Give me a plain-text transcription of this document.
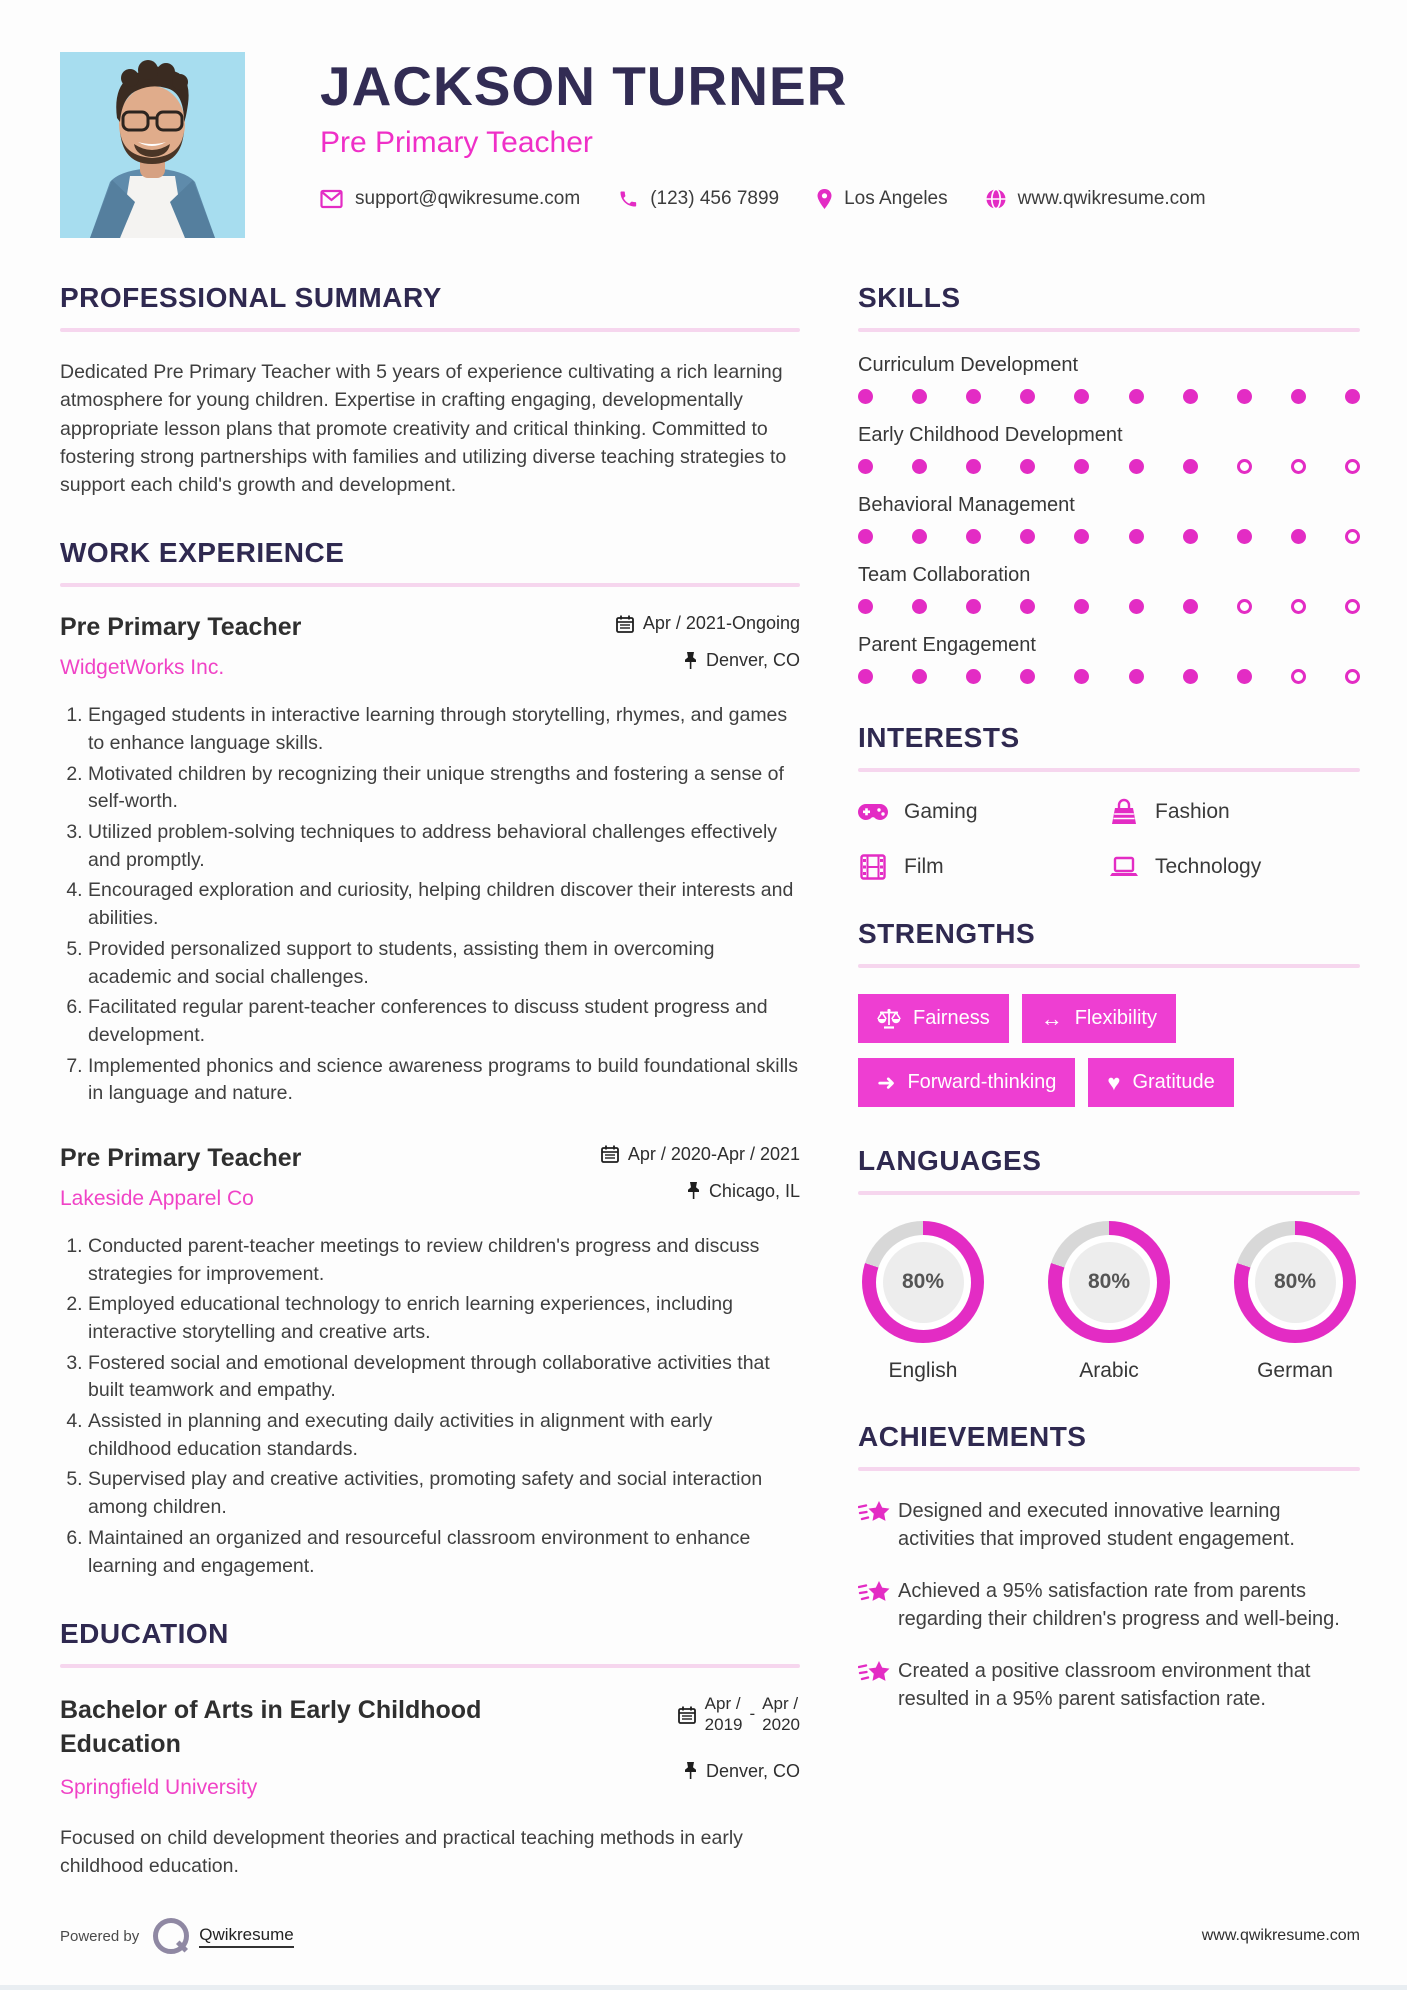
JACKSON TURNER
Pre Primary Teacher
support@qwikresume.com	(123) 456 7899	Los Angeles	www.qwikresume.com
PROFESSIONAL SUMMARY
Dedicated Pre Primary Teacher with 5 years of experience cultivating a rich learning atmosphere for young children. Expertise in crafting engaging, developmentally appropriate lesson plans that promote creativity and critical thinking. Committed to fostering strong partnerships with families and utilizing diverse teaching strategies to support each child's growth and development.
WORK EXPERIENCE
Pre Primary Teacher
WidgetWorks Inc.
Apr / 2021-Ongoing
Denver, CO
1. Engaged students in interactive learning through storytelling, rhymes, and games to enhance language skills.
2. Motivated children by recognizing their unique strengths and fostering a sense of self-worth.
3. Utilized problem-solving techniques to address behavioral challenges effectively and promptly.
4. Encouraged exploration and curiosity, helping children discover their interests and abilities.
5. Provided personalized support to students, assisting them in overcoming academic and social challenges.
6. Facilitated regular parent-teacher conferences to discuss student progress and development.
7. Implemented phonics and science awareness programs to build foundational skills in language and nature.
Pre Primary Teacher
Lakeside Apparel Co
Apr / 2020-Apr / 2021
Chicago, IL
1. Conducted parent-teacher meetings to review children's progress and discuss strategies for improvement.
2. Employed educational technology to enrich learning experiences, including interactive storytelling and creative arts.
3. Fostered social and emotional development through collaborative activities that built teamwork and empathy.
4. Assisted in planning and executing daily activities in alignment with early childhood education standards.
5. Supervised play and creative activities, promoting safety and social interaction among children.
6. Maintained an organized and resourceful classroom environment to enhance learning and engagement.
EDUCATION
Bachelor of Arts in Early Childhood Education
Springfield University
Apr /
2019
-
Apr /
2020
Denver, CO
Focused on child development theories and practical teaching methods in early childhood education.
SKILLS
Curriculum Development
Early Childhood Development
Behavioral Management
Team Collaboration
Parent Engagement
INTERESTS
Gaming	Fashion
Film	Technology
STRENGTHS
Fairness ↔ Flexibility
➜ Forward-thinking ♥ Gratitude
LANGUAGES
80%
English
80%
Arabic
80%
German
ACHIEVEMENTS
Designed and executed innovative learning activities that improved student engagement.
Achieved a 95% satisfaction rate from parents regarding their children's progress and well-being.
Created a positive classroom environment that resulted in a 95% parent satisfaction rate.
Powered by	Qwikresume	www.qwikresume.com
